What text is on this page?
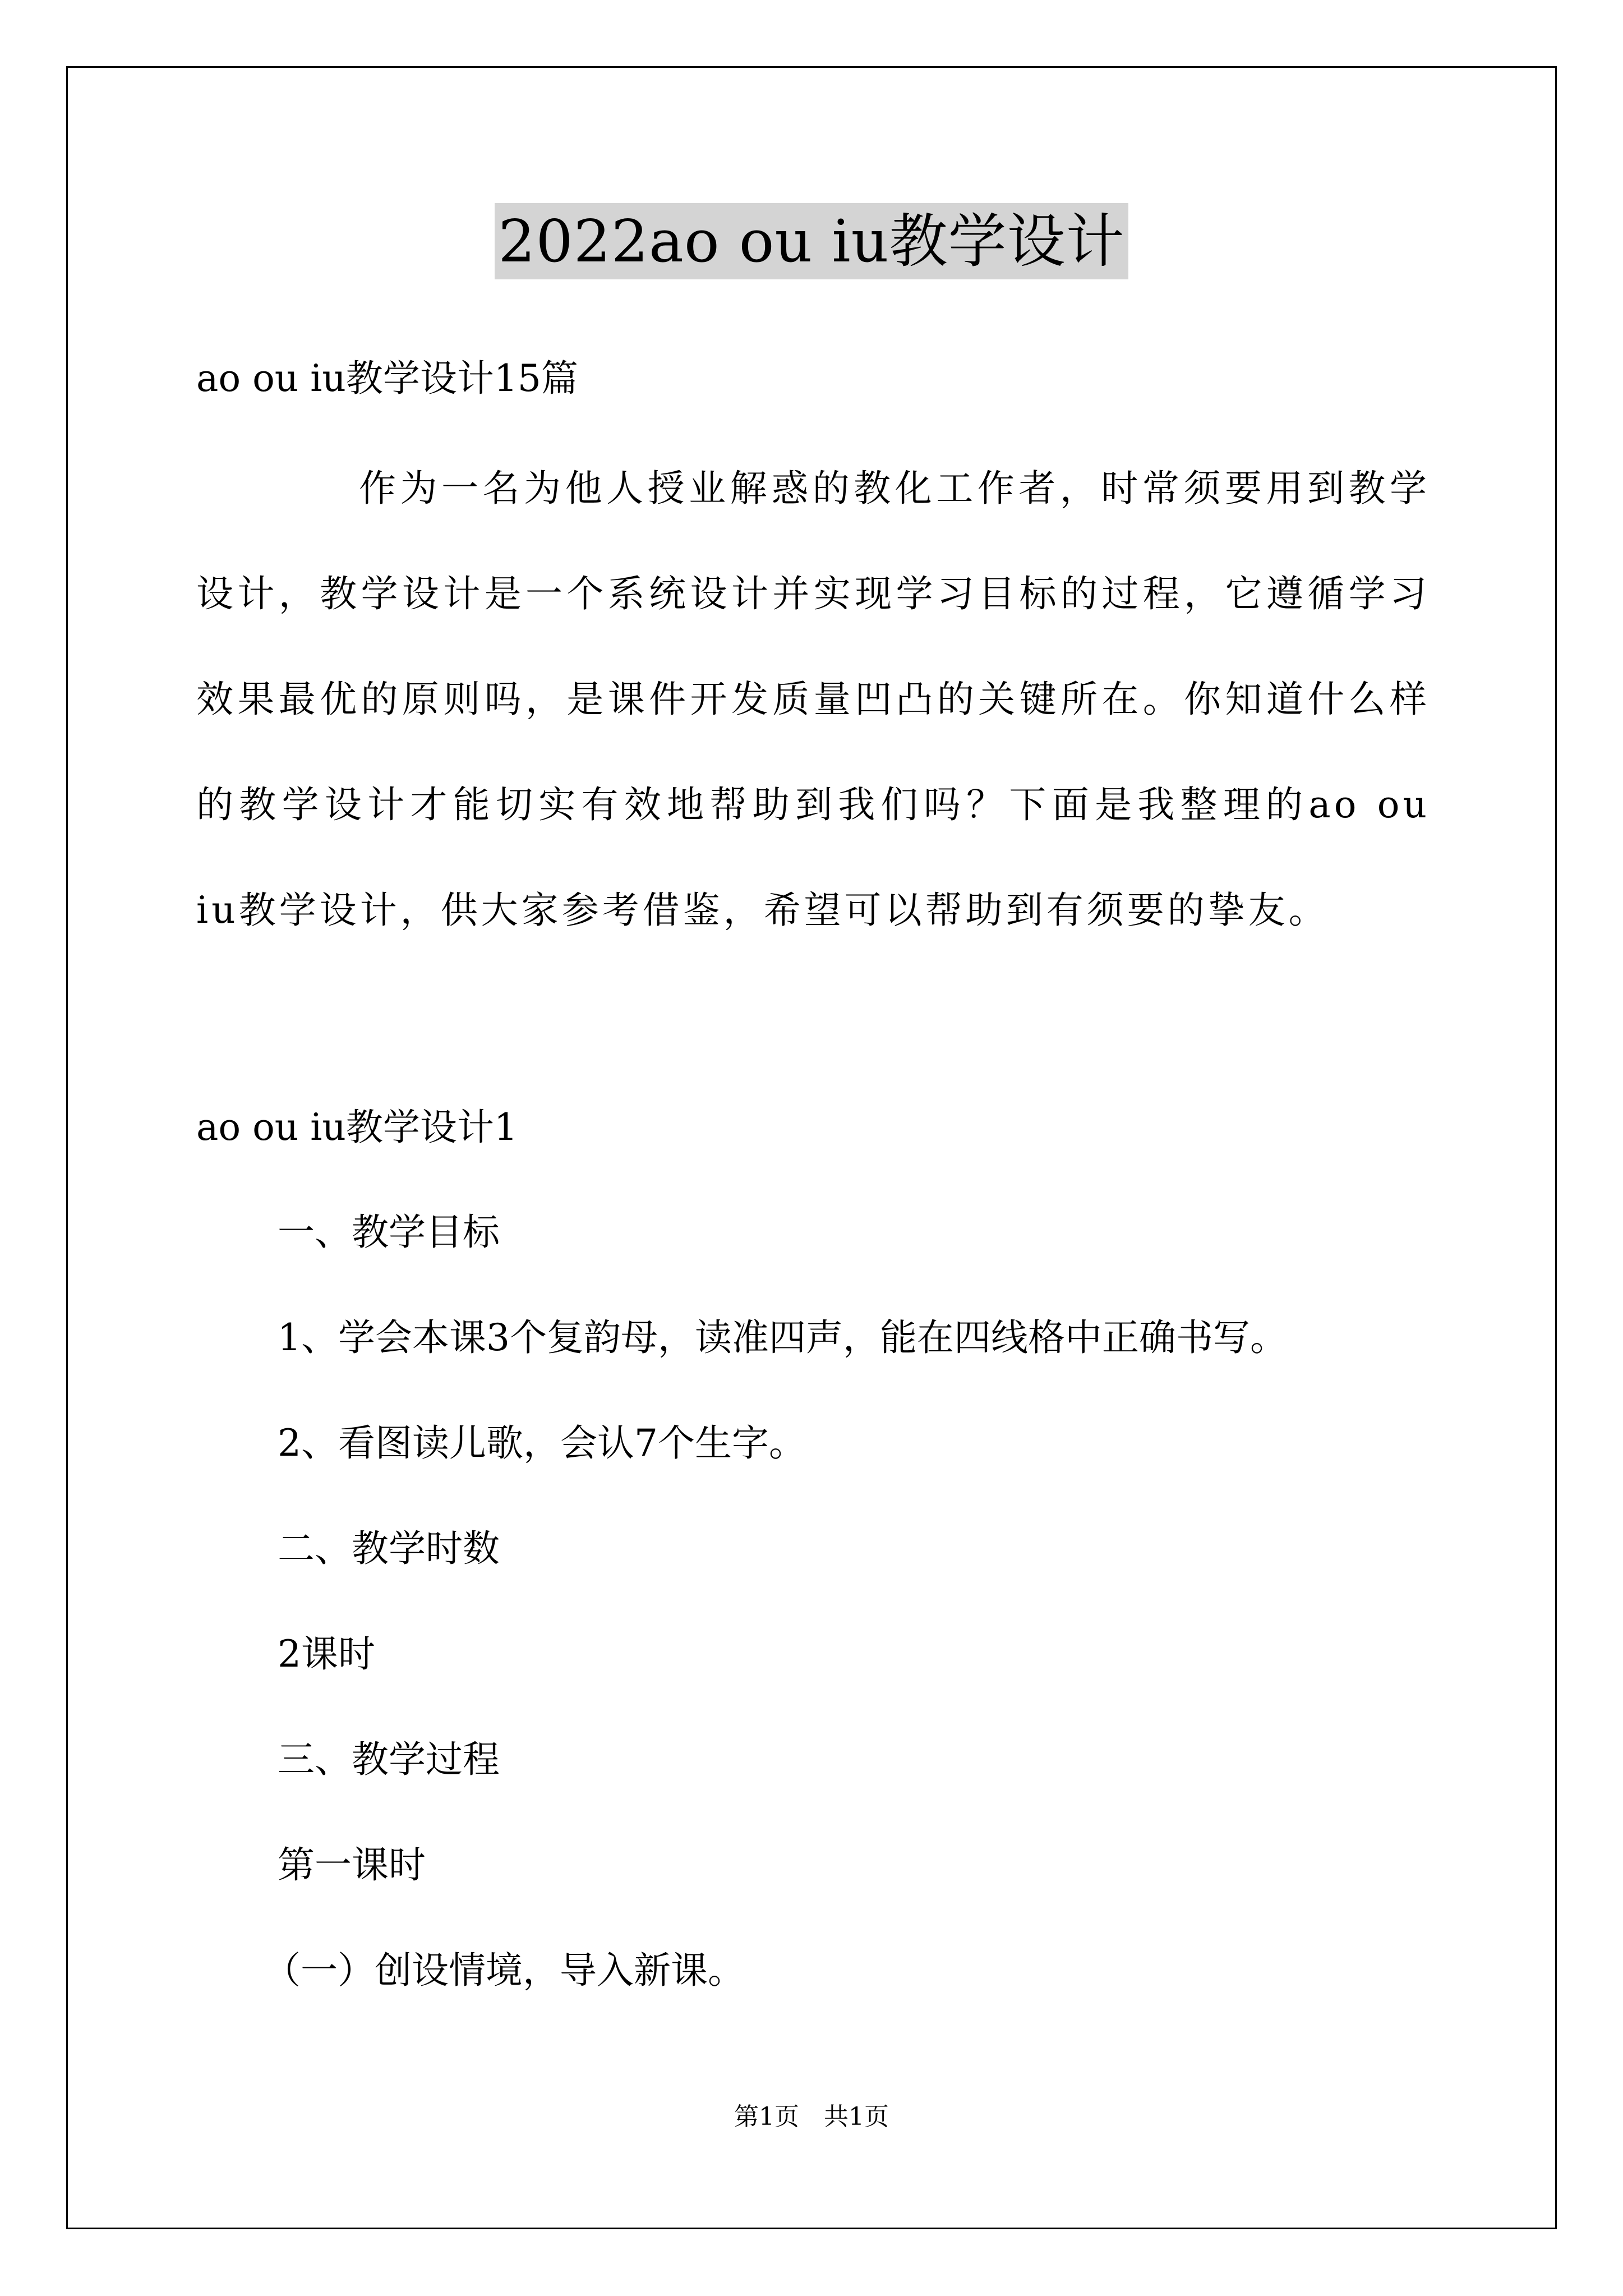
2022ao ou iu教学设计
ao ou iu教学设计15篇
作为一名为他人授业解惑的教化工作者，时常须要用到教学
设计，教学设计是一个系统设计并实现学习目标的过程，它遵循学习
效果最优的原则吗，是课件开发质量凹凸的关键所在。你知道什么样
的教学设计才能切实有效地帮助到我们吗？下面是我整理的ao ou
iu教学设计，供大家参考借鉴，希望可以帮助到有须要的挚友。
ao ou iu教学设计1
一、教学目标
1、学会本课3个复韵母，读准四声，能在四线格中正确书写。
2、看图读儿歌，会认7个生字。
二、教学时数
2课时
三、教学过程
第一课时
（一）创设情境，导入新课。
第1页　共1页
